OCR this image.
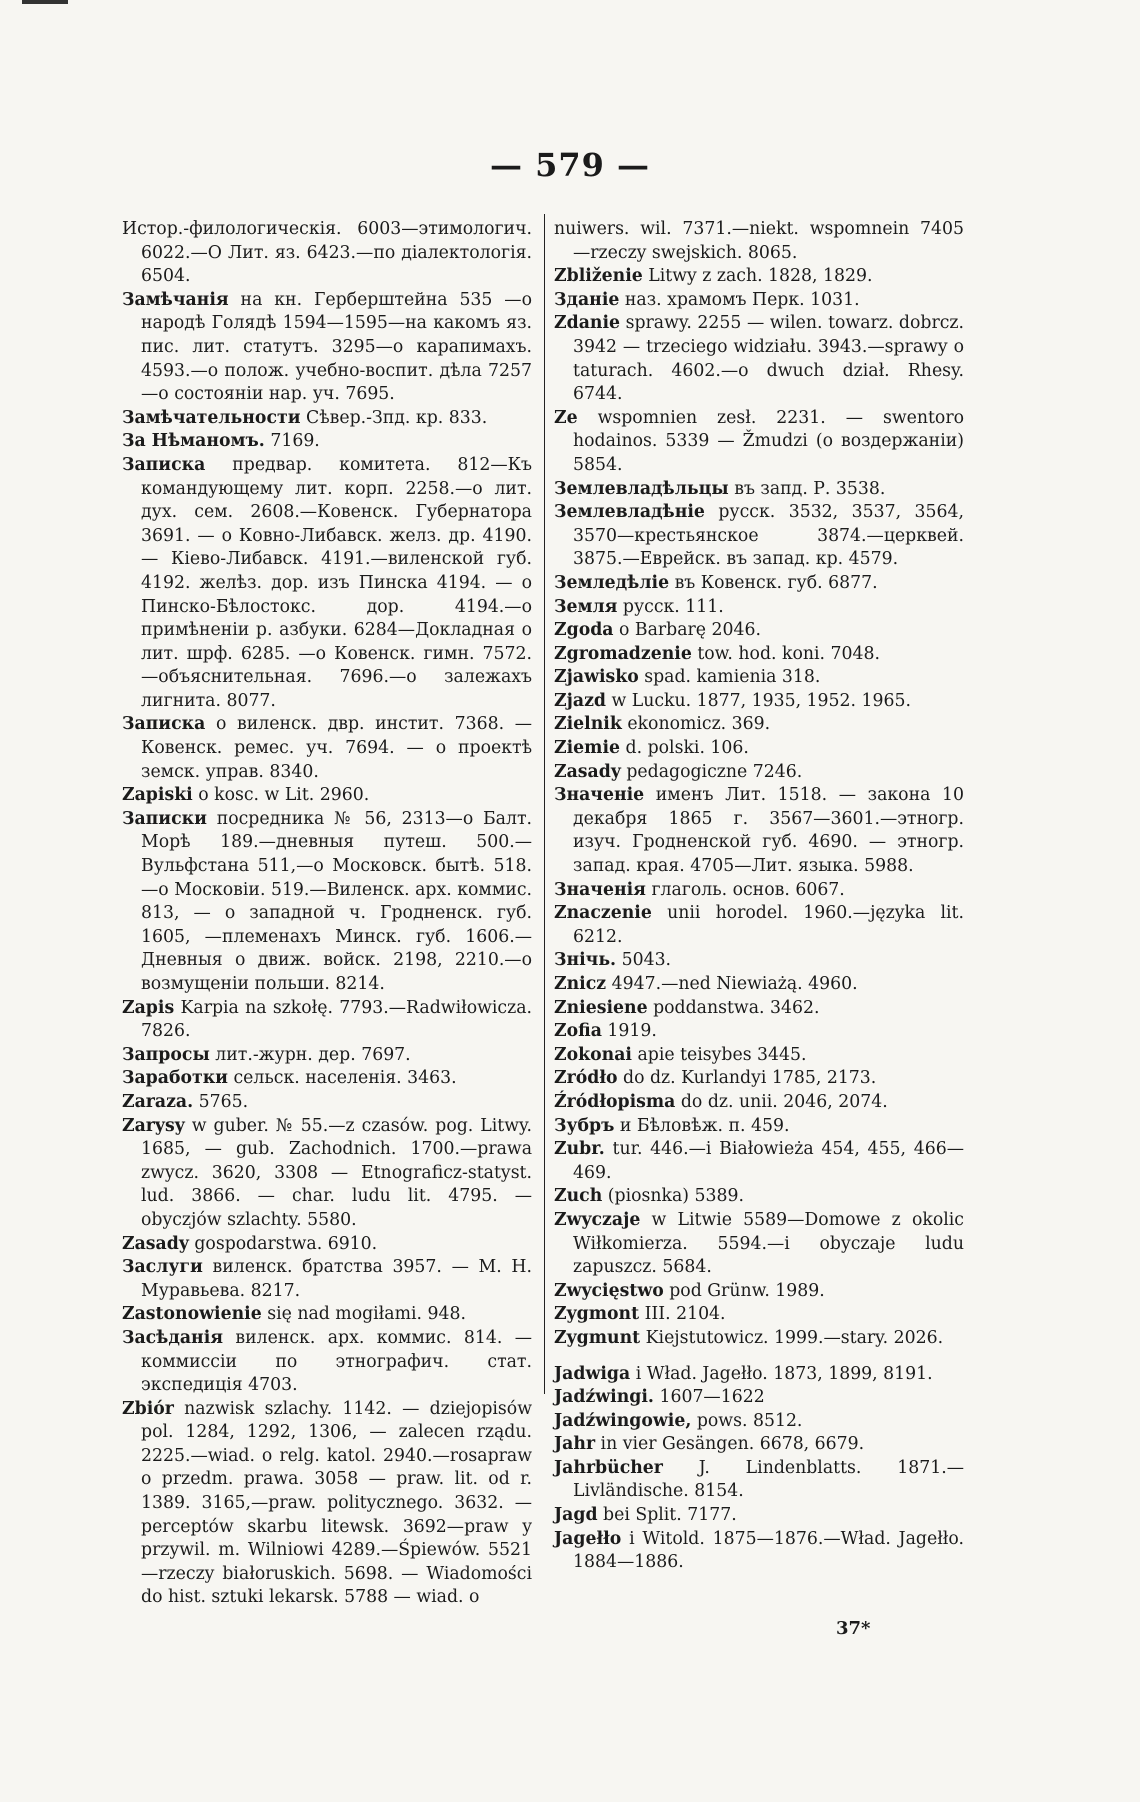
— 579 —

Истор.-филологическія. 6003—этимологич. 6022.—О Лит. яз. 6423.—по діалектологія. 6504.

Замѣчанія на кн. Герберштейна 535 —о народѣ Голядѣ 1594—1595—на какомъ яз. пис. лит. статутъ. 3295—о карапимахъ. 4593.—о полож. учебно-воспит. дѣла 7257 —о состояніи нар. уч. 7695.

Замѣчательности Сѣвер.-Зпд. кр. 833.

За Нѣманомъ. 7169.

Записка предвар. комитета. 812—Къ командующему лит. корп. 2258.—о лит. дух. сем. 2608.—Ковенск. Губернатора 3691. — о Ковно-Либавск. желз. др. 4190. — Кіево-Либавск. 4191.—виленской губ. 4192. желѣз. дор. изъ Пинска 4194. — о Пинско-Бѣлостокс. дор. 4194.—о примѣненіи р. азбуки. 6284—Докладная о лит. шрф. 6285. —о Ковенск. гимн. 7572.—объяснительная. 7696.—о залежахъ лигнита. 8077.

Записка о виленск. двр. инстит. 7368. —Ковенск. ремес. уч. 7694. — о проектѣ земск. управ. 8340.

Zapiski o kosc. w Lit. 2960.

Записки посредника № 56, 2313—о Балт. Морѣ 189.—дневныя путеш. 500.—Вульфстана 511,—о Московск. бытѣ. 518. —о Московіи. 519.—Виленск. арх. коммис. 813, — о западной ч. Гродненск. губ. 1605, —племенахъ Минск. губ. 1606.—Дневныя о движ. войск. 2198, 2210.—о возмущеніи польши. 8214.

Zapis Karpia na szkołę. 7793.—Radwiłowicza. 7826.

Запросы лит.-журн. дер. 7697.

Заработки сельск. населенія. 3463.

Zaraza. 5765.

Zarysy w guber. № 55.—z czasów. pog. Litwy. 1685, — gub. Zachodnich. 1700.—prawa zwycz. 3620, 3308 — Etnograficz-statyst. lud. 3866. — char. ludu lit. 4795. —obyczjów szlachty. 5580.

Zasady gospodarstwa. 6910.

Заслуги виленск. братства 3957. — М. Н. Муравьева. 8217.

Zastonowienie się nad mogiłami. 948.

Засѣданія виленск. арх. коммис. 814. —коммиссіи по этнографич. стат. экспедиція 4703.

Zbiór nazwisk szlachy. 1142. — dziejopisów pol. 1284, 1292, 1306, — zalecen rządu. 2225.—wiad. o relg. katol. 2940.—rosapraw o przedm. prawa. 3058 — praw. lit. od r. 1389. 3165,—praw. politycznego. 3632. —perceptów skarbu litewsk. 3692—praw y przywil. m. Wilniowi 4289.—Śpiewów. 5521 —rzeczy białoruskich. 5698. — Wiadomości do hist. sztuki lekarsk. 5788 — wiad. o

nuiwers. wil. 7371.—niekt. wspomnein 7405 —rzeczy swejskich. 8065.

Zbliženie Litwy z zach. 1828, 1829.

Зданіе наз. храмомъ Перк. 1031.

Zdanie sprawy. 2255 — wilen. towarz. dobrcz. 3942 — trzeciego widziału. 3943.—sprawy o taturach. 4602.—o dwuch dział. Rhesy. 6744.

Ze wspomnien zesł. 2231. — swentoro hodainos. 5339 — Žmudzi (о воздержаніи) 5854.

Землевладѣльцы въ запд. Р. 3538.

Землевладѣніе русск. 3532, 3537, 3564, 3570—крестьянское 3874.—церквей. 3875.—Еврейск. въ запад. кр. 4579.

Земледѣліе въ Ковенск. губ. 6877.

Земля русск. 111.

Zgoda o Barbarę 2046.

Zgromadzenie tow. hod. koni. 7048.

Zjawisko spad. kamienia 318.

Zjazd w Lucku. 1877, 1935, 1952. 1965.

Zielnik ekonomicz. 369.

Ziemie d. polski. 106.

Zasady pedagogiczne 7246.

Значеніе именъ Лит. 1518. — закона 10 декабря 1865 г. 3567—3601.—этногр. изуч. Гродненской губ. 4690. — этногр. запад. края. 4705—Лит. языка. 5988.

Значенія глаголь. основ. 6067.

Znaczenie unii horodel. 1960.—języka lit. 6212.

Знічь. 5043.

Znicz 4947.—ned Niewiażą. 4960.

Zniesiene poddanstwa. 3462.

Zofia 1919.

Zokonai apie teisybes 3445.

Zródło do dz. Kurlandyi 1785, 2173.

Źródłopisma do dz. unii. 2046, 2074.

Зубръ и Бѣловѣж. п. 459.

Zubr. tur. 446.—i Białowieża 454, 455, 466—469.

Zuch (piosnka) 5389.

Zwyczaje w Litwie 5589—Domowe z okolic Wiłkomierza. 5594.—i obyczaje ludu zapuszcz. 5684.

Zwycięstwo pod Grünw. 1989.

Zygmont III. 2104.

Zygmunt Kiejstutowicz. 1999.—stary. 2026.

Jadwiga i Wład. Jagełło. 1873, 1899, 8191.

Jadźwingi. 1607—1622

Jadźwingowie, pows. 8512.

Jahr in vier Gesängen. 6678, 6679.

Jahrbücher J. Lindenblatts. 1871.—Livländische. 8154.

Jagd bei Split. 7177.

Jagełło i Witold. 1875—1876.—Wład. Jagełło. 1884—1886.

37*
